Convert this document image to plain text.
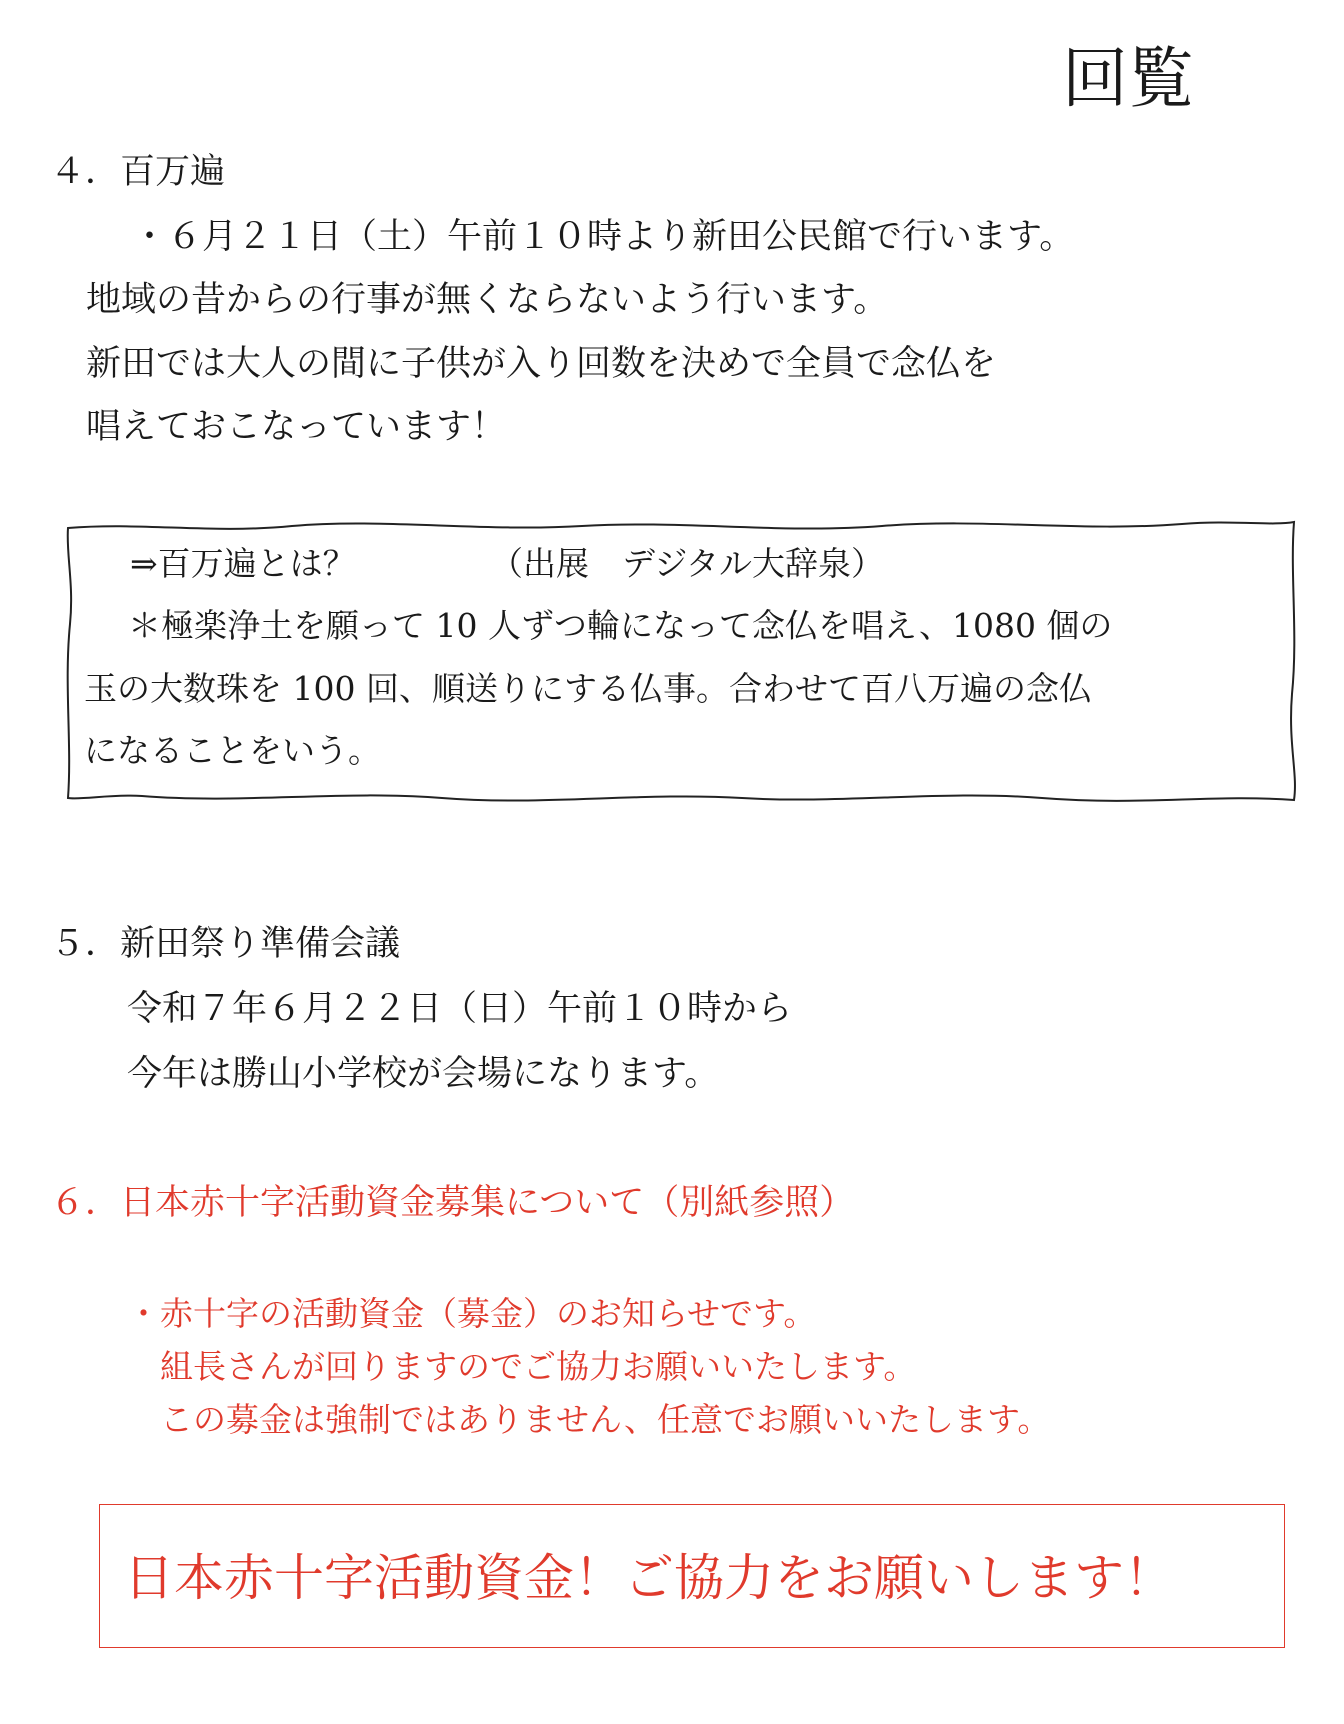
回覧
４．百万遍
・６月２１日（土）午前１０時より新田公民館で行います。
地域の昔からの行事が無くならないよう行います。
新田では大人の間に子供が入り回数を決めで全員で念仏を
唱えておこなっています！
⇒百万遍とは？	（出展　デジタル大辞泉）
＊極楽浄土を願って 10 人ずつ輪になって念仏を唱え、1080 個の
玉の大数珠を 100 回、順送りにする仏事。合わせて百八万遍の念仏
になることをいう。
５．新田祭り準備会議
令和７年６月２２日（日）午前１０時から
今年は勝山小学校が会場になります。
６．日本赤十字活動資金募集について（別紙参照）
・赤十字の活動資金（募金）のお知らせです。
組長さんが回りますのでご協力お願いいたします。
この募金は強制ではありません、任意でお願いいたします。
日本赤十字活動資金！ご協力をお願いします！
